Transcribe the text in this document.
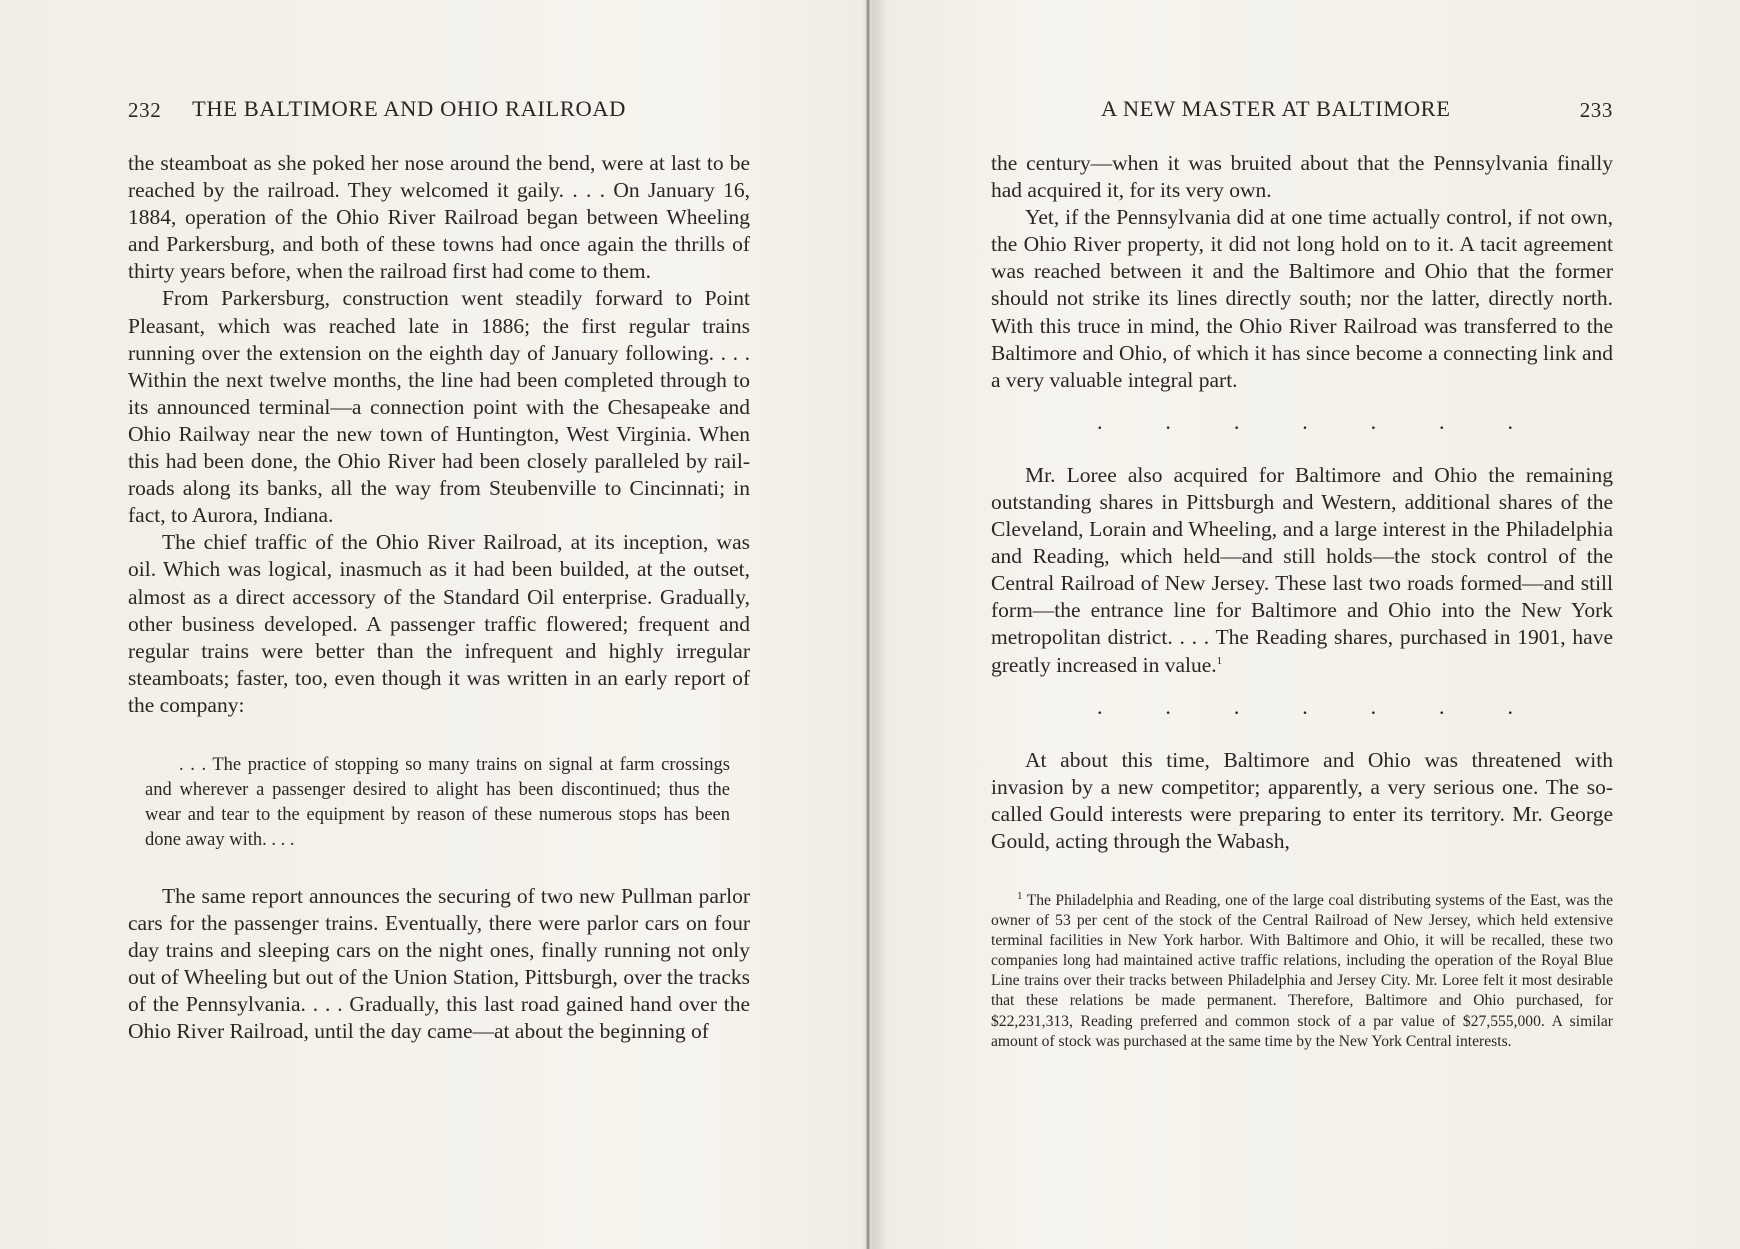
232 THE BALTIMORE AND OHIO RAILROAD

the steamboat as she poked her nose around the bend, were at last to be reached by the railroad. They welcomed it gaily. . . . On January 16, 1884, operation of the Ohio River Railroad began between Wheeling and Parkersburg, and both of these towns had once again the thrills of thirty years before, when the railroad first had come to them.

From Parkersburg, construction went steadily forward to Point Pleasant, which was reached late in 1886; the first regular trains running over the extension on the eighth day of January following. . . . Within the next twelve months, the line had been completed through to its announced terminal—a connection point with the Chesapeake and Ohio Railway near the new town of Huntington, West Virginia. When this had been done, the Ohio River had been closely paralleled by railroads along its banks, all the way from Steubenville to Cincinnati; in fact, to Aurora, Indiana.

The chief traffic of the Ohio River Railroad, at its inception, was oil. Which was logical, inasmuch as it had been builded, at the outset, almost as a direct accessory of the Standard Oil enterprise. Gradually, other business developed. A passenger traffic flowered; frequent and regular trains were better than the infrequent and highly irregular steamboats; faster, too, even though it was written in an early report of the company:

. . . The practice of stopping so many trains on signal at farm crossings and wherever a passenger desired to alight has been discontinued; thus the wear and tear to the equipment by reason of these numerous stops has been done away with. . . .

The same report announces the securing of two new Pullman parlor cars for the passenger trains. Eventually, there were parlor cars on four day trains and sleeping cars on the night ones, finally running not only out of Wheeling but out of the Union Station, Pittsburgh, over the tracks of the Pennsylvania. . . . Gradually, this last road gained hand over the Ohio River Railroad, until the day came—at about the beginning of

A NEW MASTER AT BALTIMORE	233

the century—when it was bruited about that the Pennsylvania finally had acquired it, for its very own.

Yet, if the Pennsylvania did at one time actually control, if not own, the Ohio River property, it did not long hold on to it. A tacit agreement was reached between it and the Baltimore and Ohio that the former should not strike its lines directly south; nor the latter, directly north. With this truce in mind, the Ohio River Railroad was transferred to the Baltimore and Ohio, of which it has since become a connecting link and a very valuable integral part.

.	.	.	.	.	.	.

Mr. Loree also acquired for Baltimore and Ohio the remaining outstanding shares in Pittsburgh and Western, additional shares of the Cleveland, Lorain and Wheeling, and a large interest in the Philadelphia and Reading, which held—and still holds—the stock control of the Central Railroad of New Jersey. These last two roads formed—and still form—the entrance line for Baltimore and Ohio into the New York metropolitan district. . . . The Reading shares, purchased in 1901, have greatly increased in value.$^1$

.	.	.	.	.	.	.

At about this time, Baltimore and Ohio was threatened with invasion by a new competitor; apparently, a very serious one. The so-called Gould interests were preparing to enter its territory. Mr. George Gould, acting through the Wabash,

$^1$ The Philadelphia and Reading, one of the large coal distributing systems of the East, was the owner of 53 per cent of the stock of the Central Railroad of New Jersey, which held extensive terminal facilities in New York harbor. With Baltimore and Ohio, it will be recalled, these two companies long had maintained active traffic relations, including the operation of the Royal Blue Line trains over their tracks between Philadelphia and Jersey City. Mr. Loree felt it most desirable that these relations be made permanent. Therefore, Baltimore and Ohio purchased, for $22,231,313, Reading preferred and common stock of a par value of $27,555,000. A similar amount of stock was purchased at the same time by the New York Central interests.
